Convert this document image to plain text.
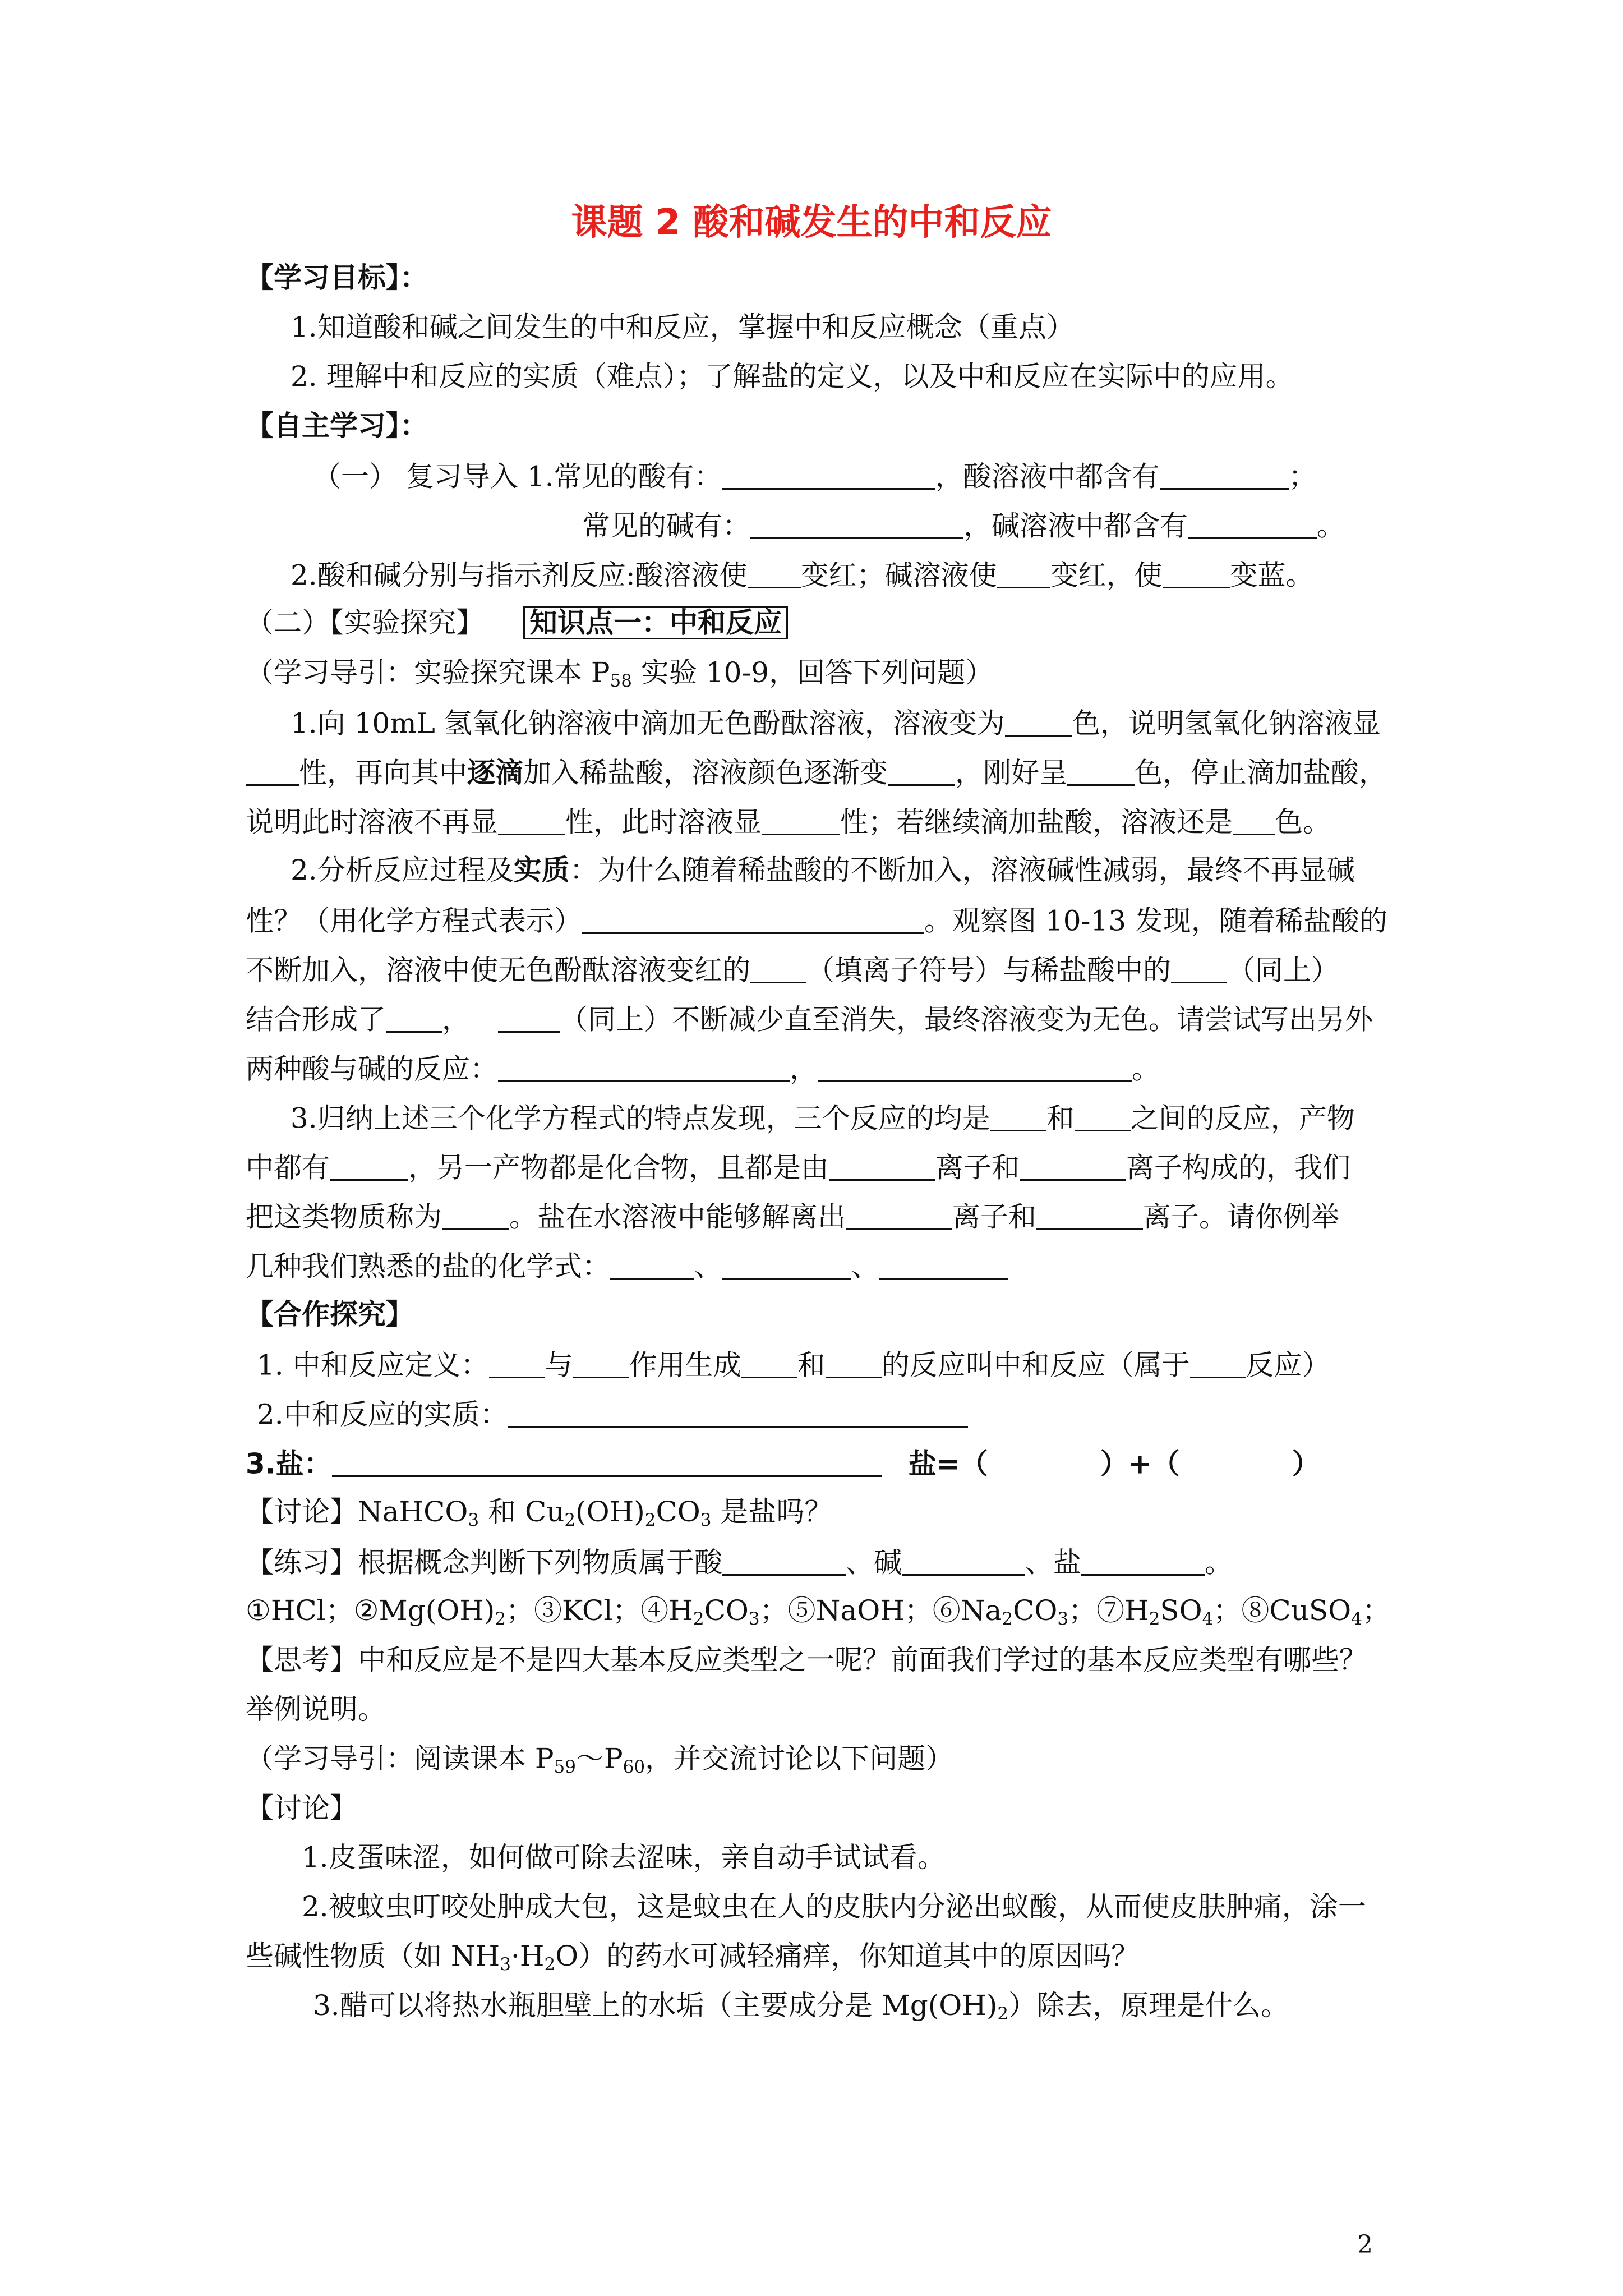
课题 2 酸和碱发生的中和反应
【学习目标】：
1.知道酸和碱之间发生的中和反应，掌握中和反应概念（重点）
2. 理解中和反应的实质（难点）；了解盐的定义，以及中和反应在实际中的应用。
【自主学习】：
（一） 复习导入 1.常见的酸有：	，酸溶液中都含有	；
常见的碱有：	，碱溶液中都含有	。
2.酸和碱分别与指示剂反应:酸溶液使 变红；碱溶液使 变红，使 变蓝。
（二）【实验探究】 知识点一：中和反应
（学习导引：实验探究课本 $P_{58}$ 实验 10-9，回答下列问题）
1.向 10mL 氢氧化钠溶液中滴加无色酚酞溶液，溶液变为 色，说明氢氧化钠溶液显
性，再向其中逐滴加入稀盐酸，溶液颜色逐渐变 ，刚好呈 色，停止滴加盐酸，
说明此时溶液不再显 性，此时溶液显	性；若继续滴加盐酸，溶液还是 色。
2.分析反应过程及实质：为什么随着稀盐酸的不断加入，溶液碱性减弱，最终不再显碱
性？（用化学方程式表示）	。观察图 10-13 发现，随着稀盐酸的
不断加入，溶液中使无色酚酞溶液变红的 （填离子符号）与稀盐酸中的 （同上）
结合形成了 ，	（同上）不断减少直至消失，最终溶液变为无色。请尝试写出另外
两种酸与碱的反应：	，	。
3.归纳上述三个化学方程式的特点发现，三个反应的均是 和 之间的反应，产物
中都有	，另一产物都是化合物，且都是由	离子和	离子构成的，我们
把这类物质称为 。盐在水溶液中能够解离出	离子和	离子。请你例举
几种我们熟悉的盐的化学式：	、	、
【合作探究】
1. 中和反应定义： 与 作用生成 和 的反应叫中和反应（属于 反应）
2.中和反应的实质：
3.盐：	盐=（	）+（	）
【讨论】NaHCO$_3$ 和 $Cu_2(OH)_2CO_3$ 是盐吗？
【练习】根据概念判断下列物质属于酸	、碱	、盐	。
①HCl；$②Mg(OH)_2$；③KCl；$④H_2CO_3$；⑤NaOH；$⑥Na_2CO_3$；$⑦H_2SO_4$；⑧CuSO$_4$；
【思考】中和反应是不是四大基本反应类型之一呢？前面我们学过的基本反应类型有哪些？
举例说明。
（学习导引：阅读课本 $P_{59}\sim P_{60}$，并交流讨论以下问题）
【讨论】
1.皮蛋味涩，如何做可除去涩味，亲自动手试试看。
2.被蚊虫叮咬处肿成大包，这是蚊虫在人的皮肤内分泌出蚁酸，从而使皮肤肿痛，涂一
些碱性物质（如 $NH_3\cdot H_2O$）的药水可减轻痛痒，你知道其中的原因吗？
3.醋可以将热水瓶胆壁上的水垢（主要成分是 $Mg(OH)_2$）除去，原理是什么。
2
